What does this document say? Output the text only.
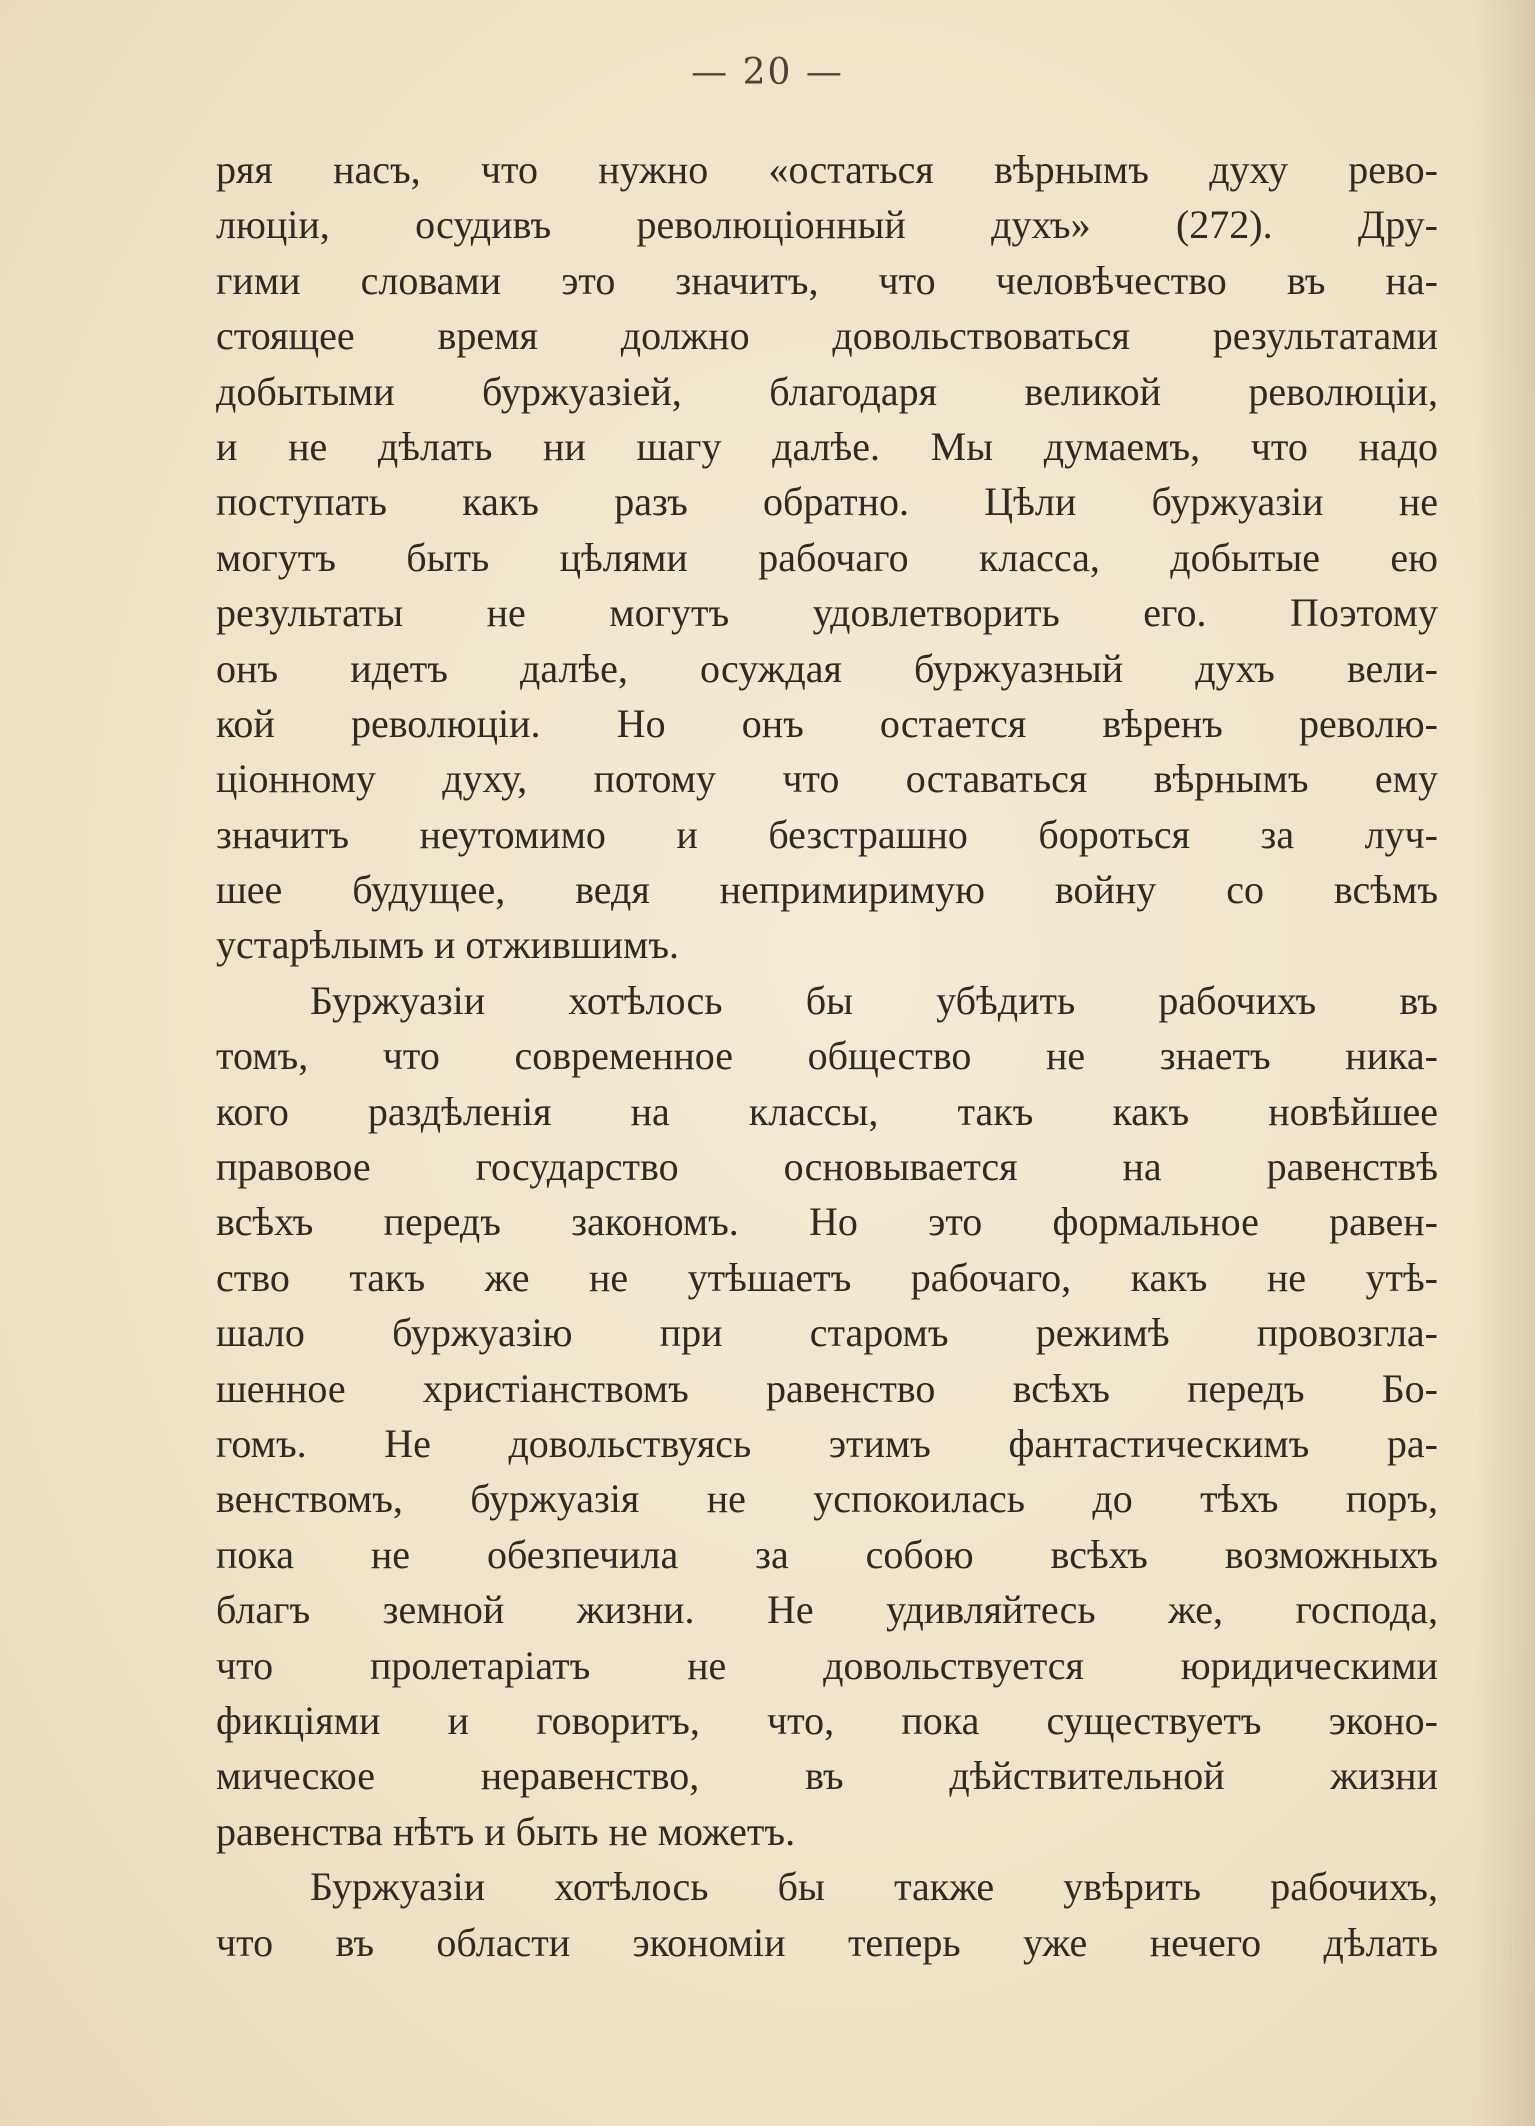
— 20 —
ряя насъ, что нужно «остаться вѣрнымъ духу рево-
люціи, осудивъ революціонный духъ» (272). Дру-
гими словами это значитъ, что человѣчество въ на-
стоящее время должно довольствоваться результатами
добытыми буржуазіей, благодаря великой революціи,
и не дѣлать ни шагу далѣе. Мы думаемъ, что надо
поступать какъ разъ обратно. Цѣли буржуазіи не
могутъ быть цѣлями рабочаго класса, добытые ею
результаты не могутъ удовлетворить его. Поэтому
онъ идетъ далѣе, осуждая буржуазный духъ вели-
кой революціи. Но онъ остается вѣренъ револю-
ціонному духу, потому что оставаться вѣрнымъ ему
значитъ неутомимо и безстрашно бороться за луч-
шее будущее, ведя непримиримую войну со всѣмъ
устарѣлымъ и отжившимъ.
Буржуазіи хотѣлось бы убѣдить рабочихъ въ
томъ, что современное общество не знаетъ ника-
кого раздѣленія на классы, такъ какъ новѣйшее
правовое государство основывается на равенствѣ
всѣхъ передъ закономъ. Но это формальное равен-
ство такъ же не утѣшаетъ рабочаго, какъ не утѣ-
шало буржуазію при старомъ режимѣ провозгла-
шенное христіанствомъ равенство всѣхъ передъ Бо-
гомъ. Не довольствуясь этимъ фантастическимъ ра-
венствомъ, буржуазія не успокоилась до тѣхъ поръ,
пока не обезпечила за собою всѣхъ возможныхъ
благъ земной жизни. Не удивляйтесь же, господа,
что пролетаріатъ не довольствуется юридическими
фикціями и говоритъ, что, пока существуетъ эконо-
мическое неравенство, въ дѣйствительной жизни
равенства нѣтъ и быть не можетъ.
Буржуазіи хотѣлось бы также увѣрить рабочихъ,
что въ области экономіи теперь уже нечего дѣлать
